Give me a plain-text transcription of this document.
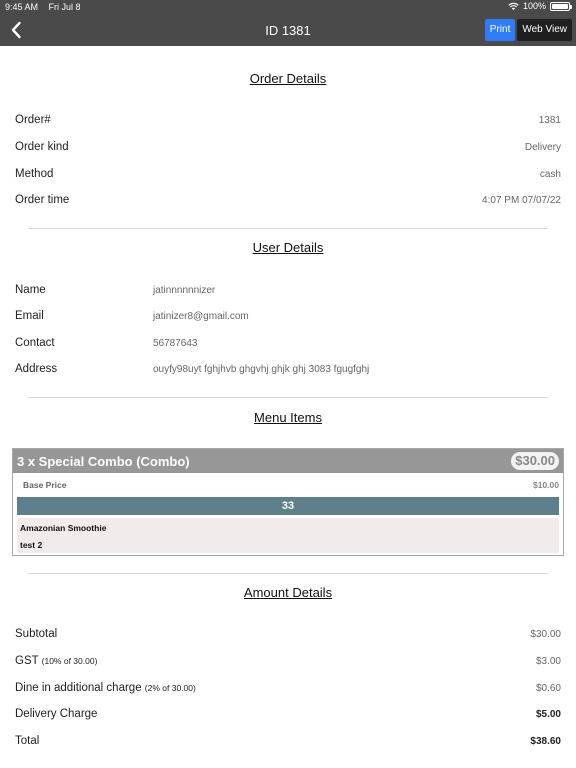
9:45 AM Fri Jul 8	100%
ID 1381	Print	Web View
Order Details
Order#	1381
Order kind	Delivery
Method	cash
Order time	4:07 PM 07/07/22
User Details
Name	jatinnnnnnizer
Email	jatinizer8@gmail.com
Contact	56787643
Address	ouyfy98uyt fghjhvb ghgvhj ghjk ghj 3083 fgugfghj
Menu Items
3 x Special Combo (Combo)	$30.00
Base Price	$10.00
33
Amazonian Smoothie
test 2
Amount Details
Subtotal	$30.00
GST (10% of 30.00)	$3.00
Dine in additional charge (2% of 30.00)	$0.60
Delivery Charge	$5.00
Total	$38.60
